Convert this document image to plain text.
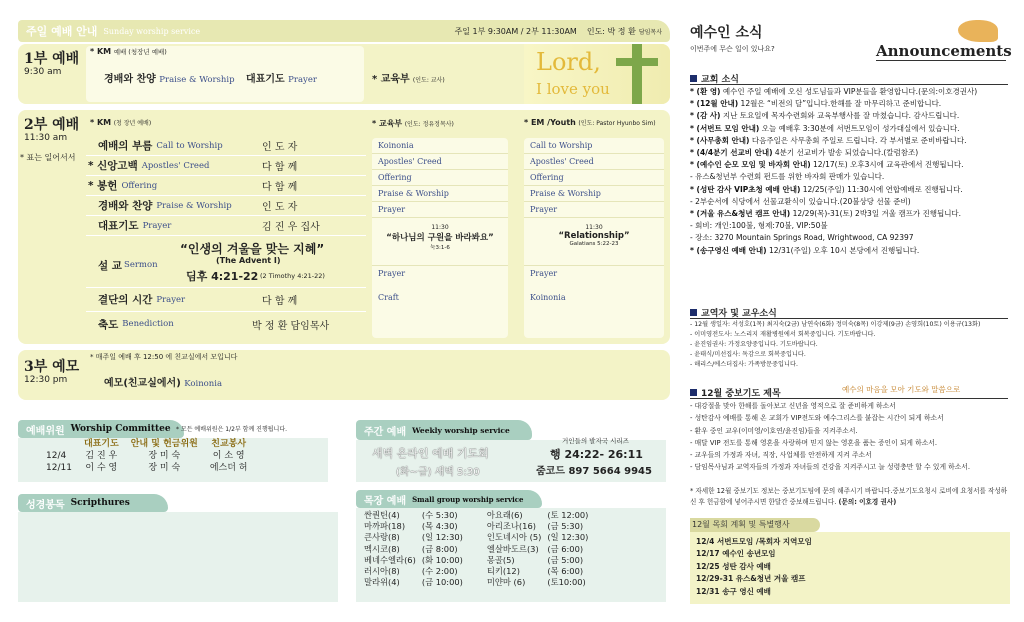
주일 예배 안내 Sunday worship service	주일 1부 9:30AM / 2부 11:30AM 인도: 박 정 환 담임목사
1부 예배
9:30 am
* KM 예배 (청장년 예배)
경배와 찬양 Praise & Worship 대표기도 Prayer	* 교육부 (인도: 교사)
Lord,
I love you
2부 예배
11:30 am
* 표는 일어서서
* KM (청 장년 예배)
예배의 부름 Call to Worship	인 도 자
* 신앙고백 Apostles' Creed	다 함 께
* 봉헌 Offering	다 함 께
경배와 찬양 Praise & Worship	인 도 자
대표기도 Prayer	김 진 우 집사
설 교 Sermon
“인생의 겨울을 맞는 지혜”
(The Advent Ⅰ)
딤후 4:21-22 (2 Timothy 4:21-22)
결단의 시간 Prayer	다 함 께
축도 Benediction	박 정 환 담임목사
* 교육부 (인도: 정유정목사)
Koinonia
Apostles' Creed
Offering
Praise & Worship
Prayer
11:30
“하나님의 구원을 바라봐요”
눅3:1-6
Prayer
Craft
* EM /Youth (인도: Pastor Hyunbo Sim)
Call to Worship
Apostles' Creed
Offering
Praise & Worship
Prayer
11:30
“Relationship”
Galatians 5:22-23
Prayer
Koinonia
3부 예모
12:30 pm
* 매주일 예배 후 12:50 에 친교실에서 모입니다
예모(친교실에서) Koinonia
예배위원 Worship Committee * 모든 예배위원은 1/2부 함께 진행됩니다.
	대표기도	안내 및 헌금위원	친교봉사
12/4	김 진 우	장 미 숙	이 소 영
12/11	이 수 영	장 미 숙	에스더 허
성경봉독 Scripthures
주간 예배 Weekly worship service
새벽 온라인 예배 기도회
(화~금) 새벽 5:30
거인들의 발자국 시리즈
행 24:22- 26:11
줌코드 897 5664 9945
목장 예배 Small group worship service
싼퀀틴(4)	(수 5:30)	아요래(6)	(토 12:00)
마까파(18)	(목 4:30)	아리조나(16)	(금 5:30)
큰사랑(8)	(일 12:30)	인도네시아 (5)	(일 12:30)
멕시코(8)	(금 8:00)	엘살바도르(3)	(금 6:00)
베네수엘라(6)	(화 10:00)	몽골(5)	(금 5:00)
러시아(8)	(수 2:00)	티키(12)	(목 6:00)
말라위(4)	(금 10:00)	미얀마 (6)	(토10:00)
예수인 소식
이번주에 무슨 일이 있나요?	Announcements
교회 소식
* (환 영) 예수인 주일 예배에 오신 성도님들과 VIP분들을 환영합니다.(문의:이호경권사)
* (12월 안내) 12월은 “비전의 달”입니다.한해를 잘 마무리하고 준비합니다.
* (감 사) 지난 토요일에 목자수련회와 교육부행사를 잘 마쳤습니다. 감사드립니다.
* (서번트 모임 안내) 오늘 예배후 3:30분에 서번트모임이 성가대실에서 있습니다.
* (사무총회 안내) 다음주일은 사무총회 주일로 드립니다. 각 부서별로 준비바랍니다.
* (4/4분기 선교비 안내) 4분기 선교비가 발송 되었습니다.(칼럼참조)
* (예수인 순모 모임 및 바자회 안내) 12/17(토) 오후3시에 교육관에서 진행됩니다.
- 유스&청년부 수련회 펀드를 위한 바자회 판매가 있습니다.
* (성탄 감사 VIP초청 예배 안내) 12/25(주일) 11:30시에 연합예배로 진행됩니다.
- 2부순서에 식당에서 선물교환식이 있습니다.(20불상당 선물 준비)
* (겨울 유스&청년 캠프 안내) 12/29(목)-31(토) 2박3일 겨울 캠프가 진행됩니다.
- 회비: 개인:100불, 형제:70불, VIP:50불
- 장소: 3270 Mountain Springs Road, Wrightwood, CA 92397
* (송구영신 예배 안내) 12/31(주일) 오후 10시 본당에서 진행됩니다.
교역자 및 교우소식
- 12월 생일자: 서성호(1목) 최지숙(2금) 남연숙(6화) 정미숙(8목) 이강제(9금) 손영희(10토) 이용규(13화)
- 이미영전도사: 노스리지 재활병원에서 회복중입니다. 기도바랍니다.
- 윤진임권사: 가정요양중입니다. 기도바랍니다.
- 윤태식/미선집사: 독감으로 회복중입니다.
- 해리스/에스더집사: 가족방문중입니다.
12월 중보기도 제목	예수의 마음을 모아 기도와 말씀으로
- 대강절을 맞아 한해를 돌아보고 신년을 영적으로 잘 준비하게 하소서
- 성탄감사 예배를 통해 온 교회가 VIP전도와 예수그리스를 붙잡는 시간이 되게 하소서
- 환우 중인 교우(이미영/이호연/윤진임)들을 지켜주소서.
- 매달 VIP 전도를 통해 영혼을 사랑하며 믿지 않는 영혼을 품는 증인이 되게 하소서.
- 교우들의 가정과 자녀, 직장, 사업체를 안전하게 지켜 주소서
- 담임목사님과 교역자들의 가정과 자녀들의 건강을 지켜주시고 늘 성령충만 할 수 있게 하소서.
* 자세한 12월 중보기도 정보는 중보기도팀에 문의 해주시기 바랍니다.중보기도요청시 로비에 요청서를 작성하신 후 헌금함에 넣어주시면 한달간 중보해드립니다. (문의: 이호경 권사)
12월 목회 계획 및 특별행사
12/4 서번트모임 /목회자 지역모임
12/17 예수인 송년모임
12/25 성탄 감사 예배
12/29-31 유스&청년 겨울 캠프
12/31 송구 영신 예배
